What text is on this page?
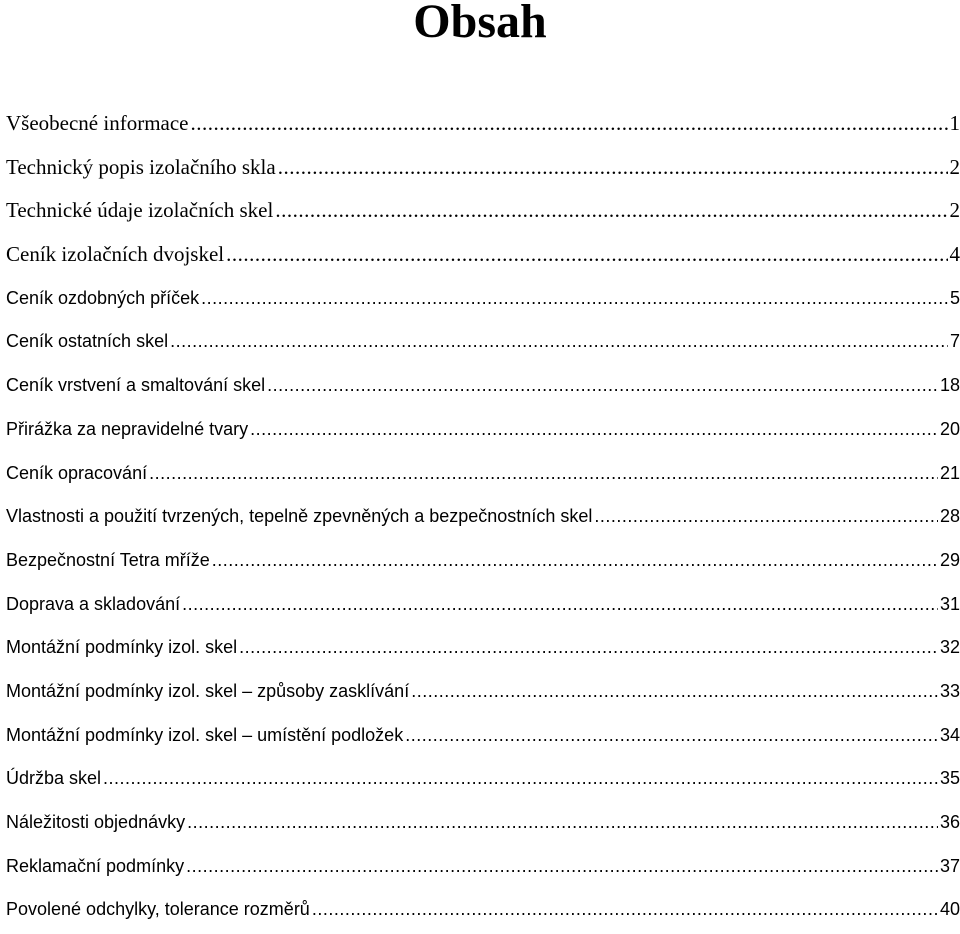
Obsah
Všeobecné informace .....	1
Technický popis izolačního skla .....	2
Technické údaje izolačních skel .....	2
Ceník izolačních dvojskel .....	4
Ceník ozdobných příček .....	5
Ceník ostatních skel .....	7
Ceník vrstvení a smaltování skel .....	18
Přirážka za nepravidelné tvary .....	20
Ceník opracování .....	21
Vlastnosti a použití tvrzených, tepelně zpevněných a bezpečnostních skel .....	28
Bezpečnostní Tetra mříže .....	29
Doprava a skladování .....	31
Montážní podmínky izol. skel .....	32
Montážní podmínky izol. skel – způsoby zasklívání .....	33
Montážní podmínky izol. skel – umístění podložek .....	34
Údržba skel .....	35
Náležitosti objednávky .....	36
Reklamační podmínky .....	37
Povolené odchylky, tolerance rozměrů .....	40
